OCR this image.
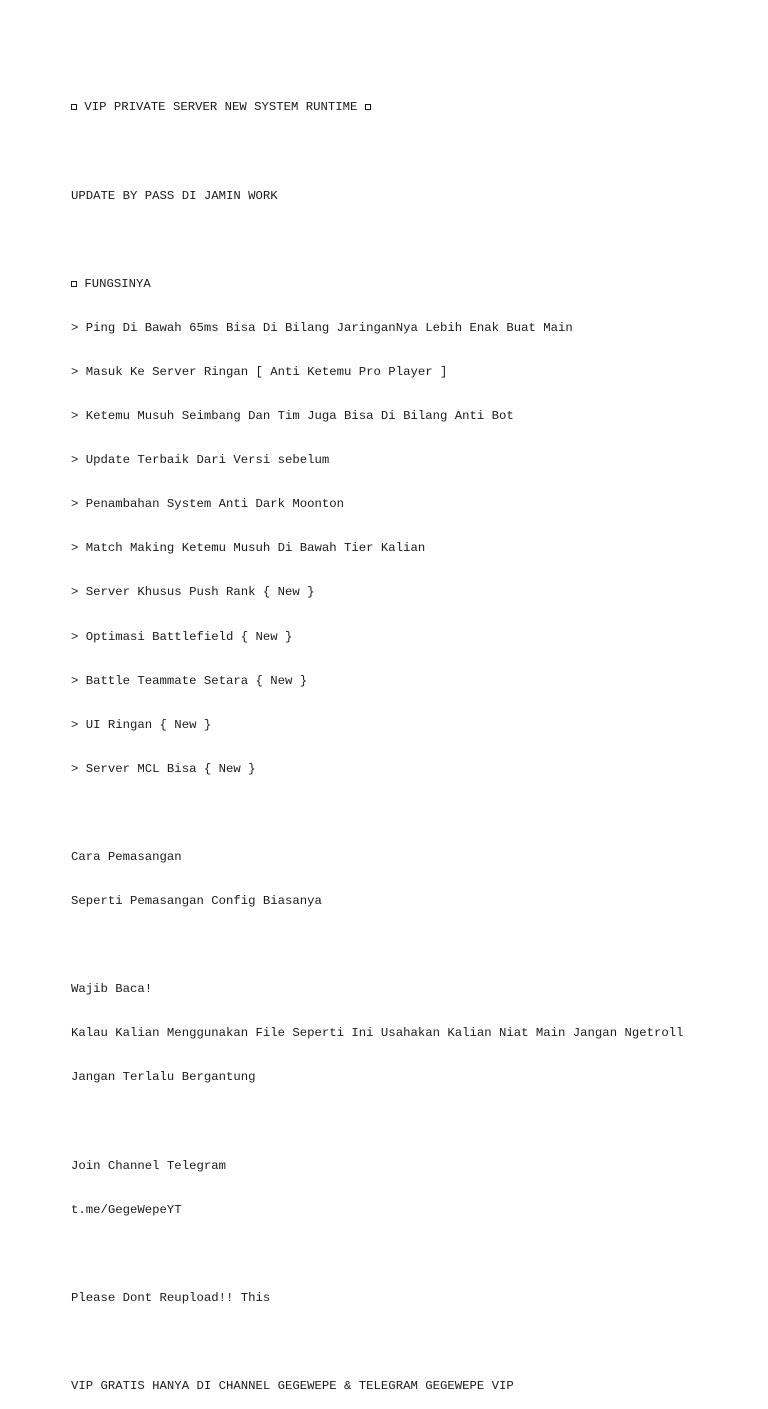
VIP PRIVATE SERVER NEW SYSTEM RUNTIME

UPDATE BY PASS DI JAMIN WORK

FUNGSINYA

> Ping Di Bawah 65ms Bisa Di Bilang JaringanNya Lebih Enak Buat Main

> Masuk Ke Server Ringan [ Anti Ketemu Pro Player ]

> Ketemu Musuh Seimbang Dan Tim Juga Bisa Di Bilang Anti Bot

> Update Terbaik Dari Versi sebelum

> Penambahan System Anti Dark Moonton

> Match Making Ketemu Musuh Di Bawah Tier Kalian

> Server Khusus Push Rank { New }

> Optimasi Battlefield { New }

> Battle Teammate Setara { New }

> UI Ringan { New }

> Server MCL Bisa { New }

Cara Pemasangan

Seperti Pemasangan Config Biasanya

Wajib Baca!

Kalau Kalian Menggunakan File Seperti Ini Usahakan Kalian Niat Main Jangan Ngetroll

Jangan Terlalu Bergantung

Join Channel Telegram

t.me/GegeWepeYT

Please Dont Reupload!! This

VIP GRATIS HANYA DI CHANNEL GEGEWEPE & TELEGRAM GEGEWEPE VIP
